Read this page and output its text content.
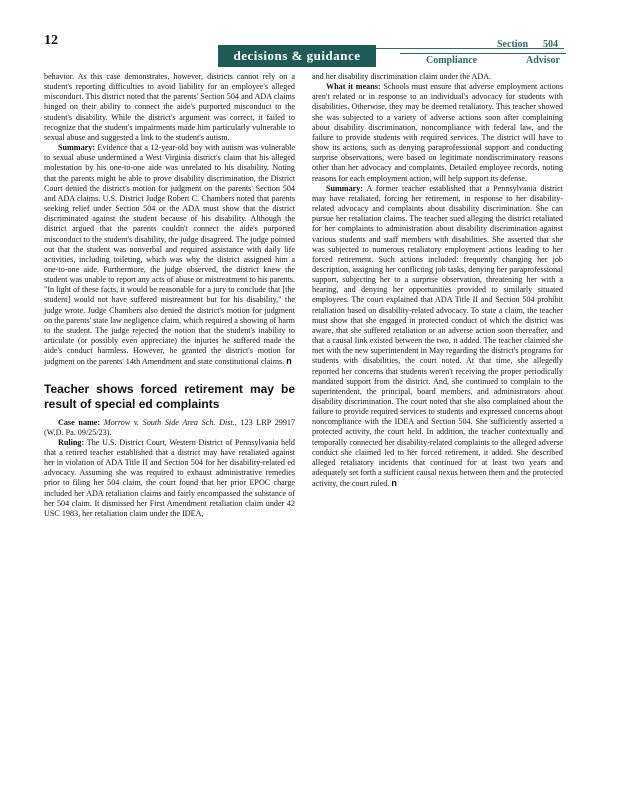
12
decisions & guidance
Section 504
Compliance	Advisor

behavior. As this case demonstrates, however, districts cannot rely on a student's reporting difficulties to avoid liability for an employee's alleged misconduct. This district noted that the parents' Section 504 and ADA claims hinged on their ability to connect the aide's purported misconduct to the student's disability. While the district's argument was correct, it failed to recognize that the student's impairments made him particularly vulnerable to sexual abuse and suggested a link to the student's autism.

Summary: Evidence that a 12-year-old boy with autism was vulnerable to sexual abuse undermined a West Virginia district's claim that his alleged molestation by his one-to-one aide was unrelated to his disability. Noting that the parents might be able to prove disability discrimination, the District Court denied the district's motion for judgment on the parents' Section 504 and ADA claims. U.S. District Judge Robert C. Chambers noted that parents seeking relief under Section 504 or the ADA must show that the district discriminated against the student because of his disability. Although the district argued that the parents couldn't connect the aide's purported misconduct to the student's disability, the judge disagreed. The judge pointed out that the student was nonverbal and required assistance with daily life activities, including toileting, which was why the district assigned him a one-to-one aide. Furthermore, the judge observed, the district knew the student was unable to report any acts of abuse or mistreatment to his parents. "In light of these facts, it would be reasonable for a jury to conclude that [the student] would not have suffered mistreatment but for his disability," the judge wrote. Judge Chambers also denied the district's motion for judgment on the parents' state law negligence claim, which required a showing of harm to the student. The judge rejected the notion that the student's inability to articulate (or possibly even appreciate) the injuries he suffered made the aide's conduct harmless. However, he granted the district's motion for judgment on the parents' 14th Amendment and state constitutional claims. n

Teacher shows forced retirement may be result of special ed complaints

Case name: Morrow v. South Side Area Sch. Dist., 123 LRP 29917 (W.D. Pa. 09/25/23).

Ruling: The U.S. District Court, Western District of Pennsylvania held that a retired teacher established that a district may have retaliated against her in violation of ADA Title II and Section 504 for her disability-related ed advocacy. Assuming she was required to exhaust administrative remedies prior to filing her 504 claim, the court found that her prior EPOC charge included her ADA retaliation claims and fairly encompassed the substance of her 504 claim. It dismissed her First Amendment retaliation claim under 42 USC 1983, her retaliation claim under the IDEA,

and her disability discrimination claim under the ADA.

What it means: Schools must ensure that adverse employment actions aren't related or in response to an individual's advocacy for students with disabilities. Otherwise, they may be deemed retaliatory. This teacher showed she was subjected to a variety of adverse actions soon after complaining about disability discrimination, noncompliance with federal law, and the failure to provide students with required services. The district will have to show its actions, such as denying paraprofessional support and conducting surprise observations, were based on legitimate nondiscriminatory reasons other than her advocacy and complaints. Detailed employee records, noting reasons for each employment action, will help support its defense.

Summary: A former teacher established that a Pennsylvania district may have retaliated, forcing her retirement, in response to her disability-related advocacy and complaints about disability discrimination. She can pursue her retaliation claims. The teacher sued alleging the district retaliated for her complaints to administration about disability discrimination against various students and staff members with disabilities. She asserted that she was subjected to numerous retaliatory employment actions leading to her forced retirement. Such actions included: frequently changing her job description, assigning her conflicting job tasks, denying her paraprofessional support, subjecting her to a surprise observation, threatening her with a hearing, and denying her opportunities provided to similarly situated employees. The court explained that ADA Title II and Section 504 prohibit retaliation based on disability-related advocacy. To state a claim, the teacher must show that she engaged in protected conduct of which the district was aware, that she suffered retaliation or an adverse action soon thereafter, and that a causal link existed between the two, it added. The teacher claimed she met with the new superintendent in May regarding the district's programs for students with disabilities, the court noted. At that time, she allegedly reported her concerns that students weren't receiving the proper periodically mandated support from the district. And, she continued to complain to the superintendent, the principal, board members, and administrators about disability discrimination. The court noted that she also complained about the failure to provide required services to students and expressed concerns about noncompliance with the IDEA and Section 504. She sufficiently asserted a protected activity, the court held. In addition, the teacher contextually and temporally connected her disability-related complaints to the alleged adverse conduct she claimed led to her forced retirement, it added. She described alleged retaliatory incidents that continued for at least two years and adequately set forth a sufficient causal nexus between them and the protected activity, the court ruled. n
